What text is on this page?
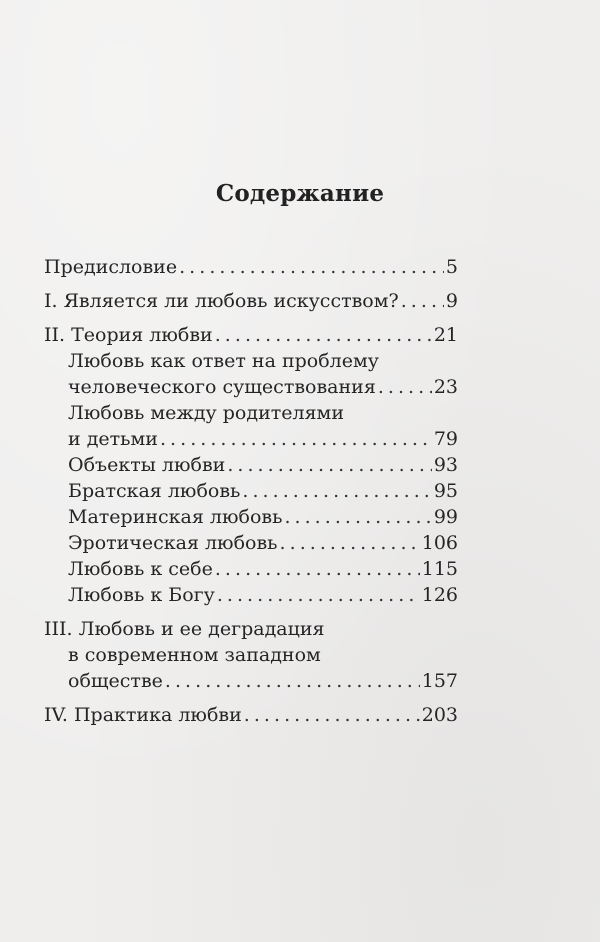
Содержание
Предисловие . . .	5
I. Является ли любовь искусством? . . . 9
II. Теория любви . . .	21
Любовь как ответ на проблему
человеческого существования . . .	23
Любовь между родителями
и детьми . . .	79
Объекты любви . . .	93
Братская любовь . . .	95
Материнская любовь . . .	99
Эротическая любовь . . .	106
Любовь к себе . . .	115
Любовь к Богу . . .	126
III. Любовь и ее деградация
в современном западном
обществе . . .	157
IV. Практика любви . . .	203
